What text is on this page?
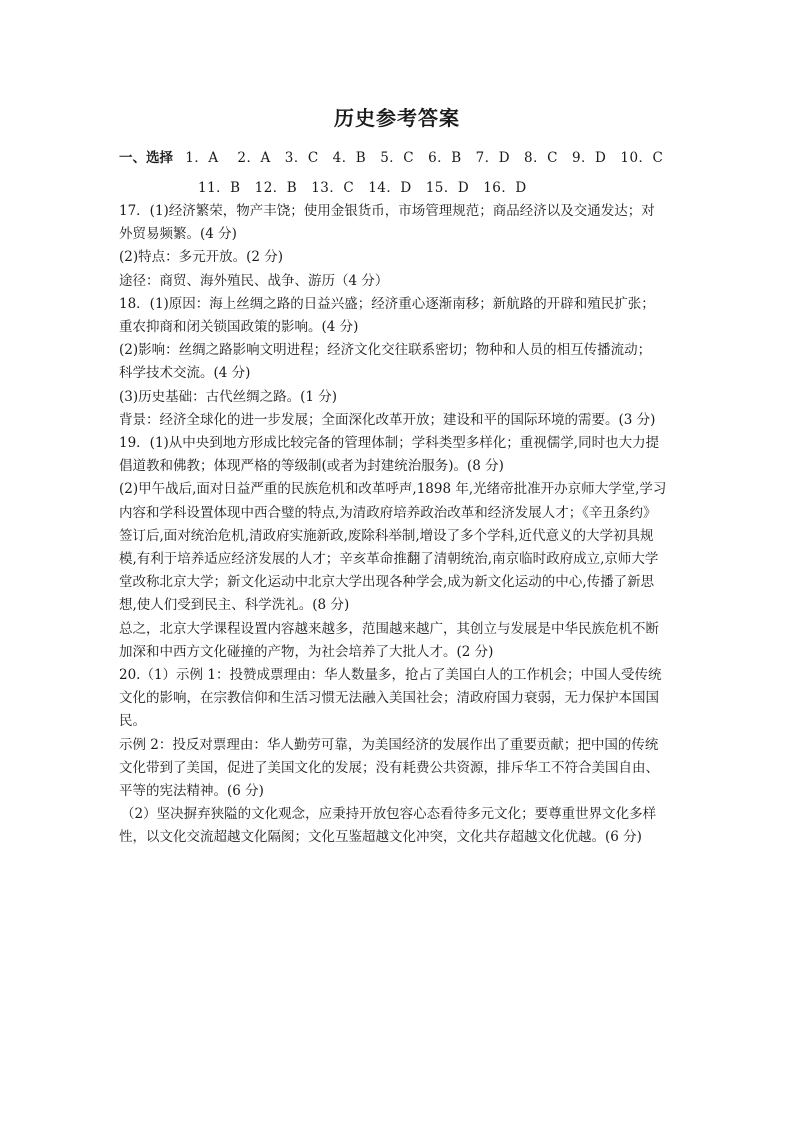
历史参考答案
一、选择 1．A　 2．A　3．C　4．B　5．C　6．B　7．D　8．C　9．D　10．C
11．B　12．B　13．C　14．D　15．D　16．D
17．(1)经济繁荣，物产丰饶；使用金银货币，市场管理规范；商品经济以及交通发达；对
外贸易频繁。(4 分)
(2)特点：多元开放。(2 分)
途径：商贸、海外殖民、战争、游历（4 分）
18．(1)原因：海上丝绸之路的日益兴盛；经济重心逐渐南移；新航路的开辟和殖民扩张；
重农抑商和闭关锁国政策的影响。(4 分)
(2)影响：丝绸之路影响文明进程；经济文化交往联系密切；物种和人员的相互传播流动；
科学技术交流。(4 分)
(3)历史基础：古代丝绸之路。(1 分)
背景：经济全球化的进一步发展；全面深化改革开放；建设和平的国际环境的需要。(3 分)
19．(1)从中央到地方形成比较完备的管理体制；学科类型多样化；重视儒学,同时也大力提
倡道教和佛教；体现严格的等级制(或者为封建统治服务)。(8 分)
(2)甲午战后,面对日益严重的民族危机和改革呼声,1898 年,光绪帝批准开办京师大学堂,学习
内容和学科设置体现中西合璧的特点,为清政府培养政治改革和经济发展人才；《辛丑条约》
签订后,面对统治危机,清政府实施新政,废除科举制,增设了多个学科,近代意义的大学初具规
模,有利于培养适应经济发展的人才；辛亥革命推翻了清朝统治,南京临时政府成立,京师大学
堂改称北京大学；新文化运动中北京大学出现各种学会,成为新文化运动的中心,传播了新思
想,使人们受到民主、科学洗礼。(8 分)
总之，北京大学课程设置内容越来越多，范围越来越广，其创立与发展是中华民族危机不断
加深和中西方文化碰撞的产物，为社会培养了大批人才。(2 分)
20.（1）示例 1：投赞成票理由：华人数量多，抢占了美国白人的工作机会；中国人受传统
文化的影响，在宗教信仰和生活习惯无法融入美国社会；清政府国力衰弱，无力保护本国国
民。
示例 2：投反对票理由：华人勤劳可靠，为美国经济的发展作出了重要贡献；把中国的传统
文化带到了美国，促进了美国文化的发展；没有耗费公共资源，排斥华工不符合美国自由、
平等的宪法精神。(6 分)
（2）坚决摒弃狭隘的文化观念，应秉持开放包容心态看待多元文化；要尊重世界文化多样
性，以文化交流超越文化隔阂；文化互鉴超越文化冲突，文化共存超越文化优越。(6 分)
